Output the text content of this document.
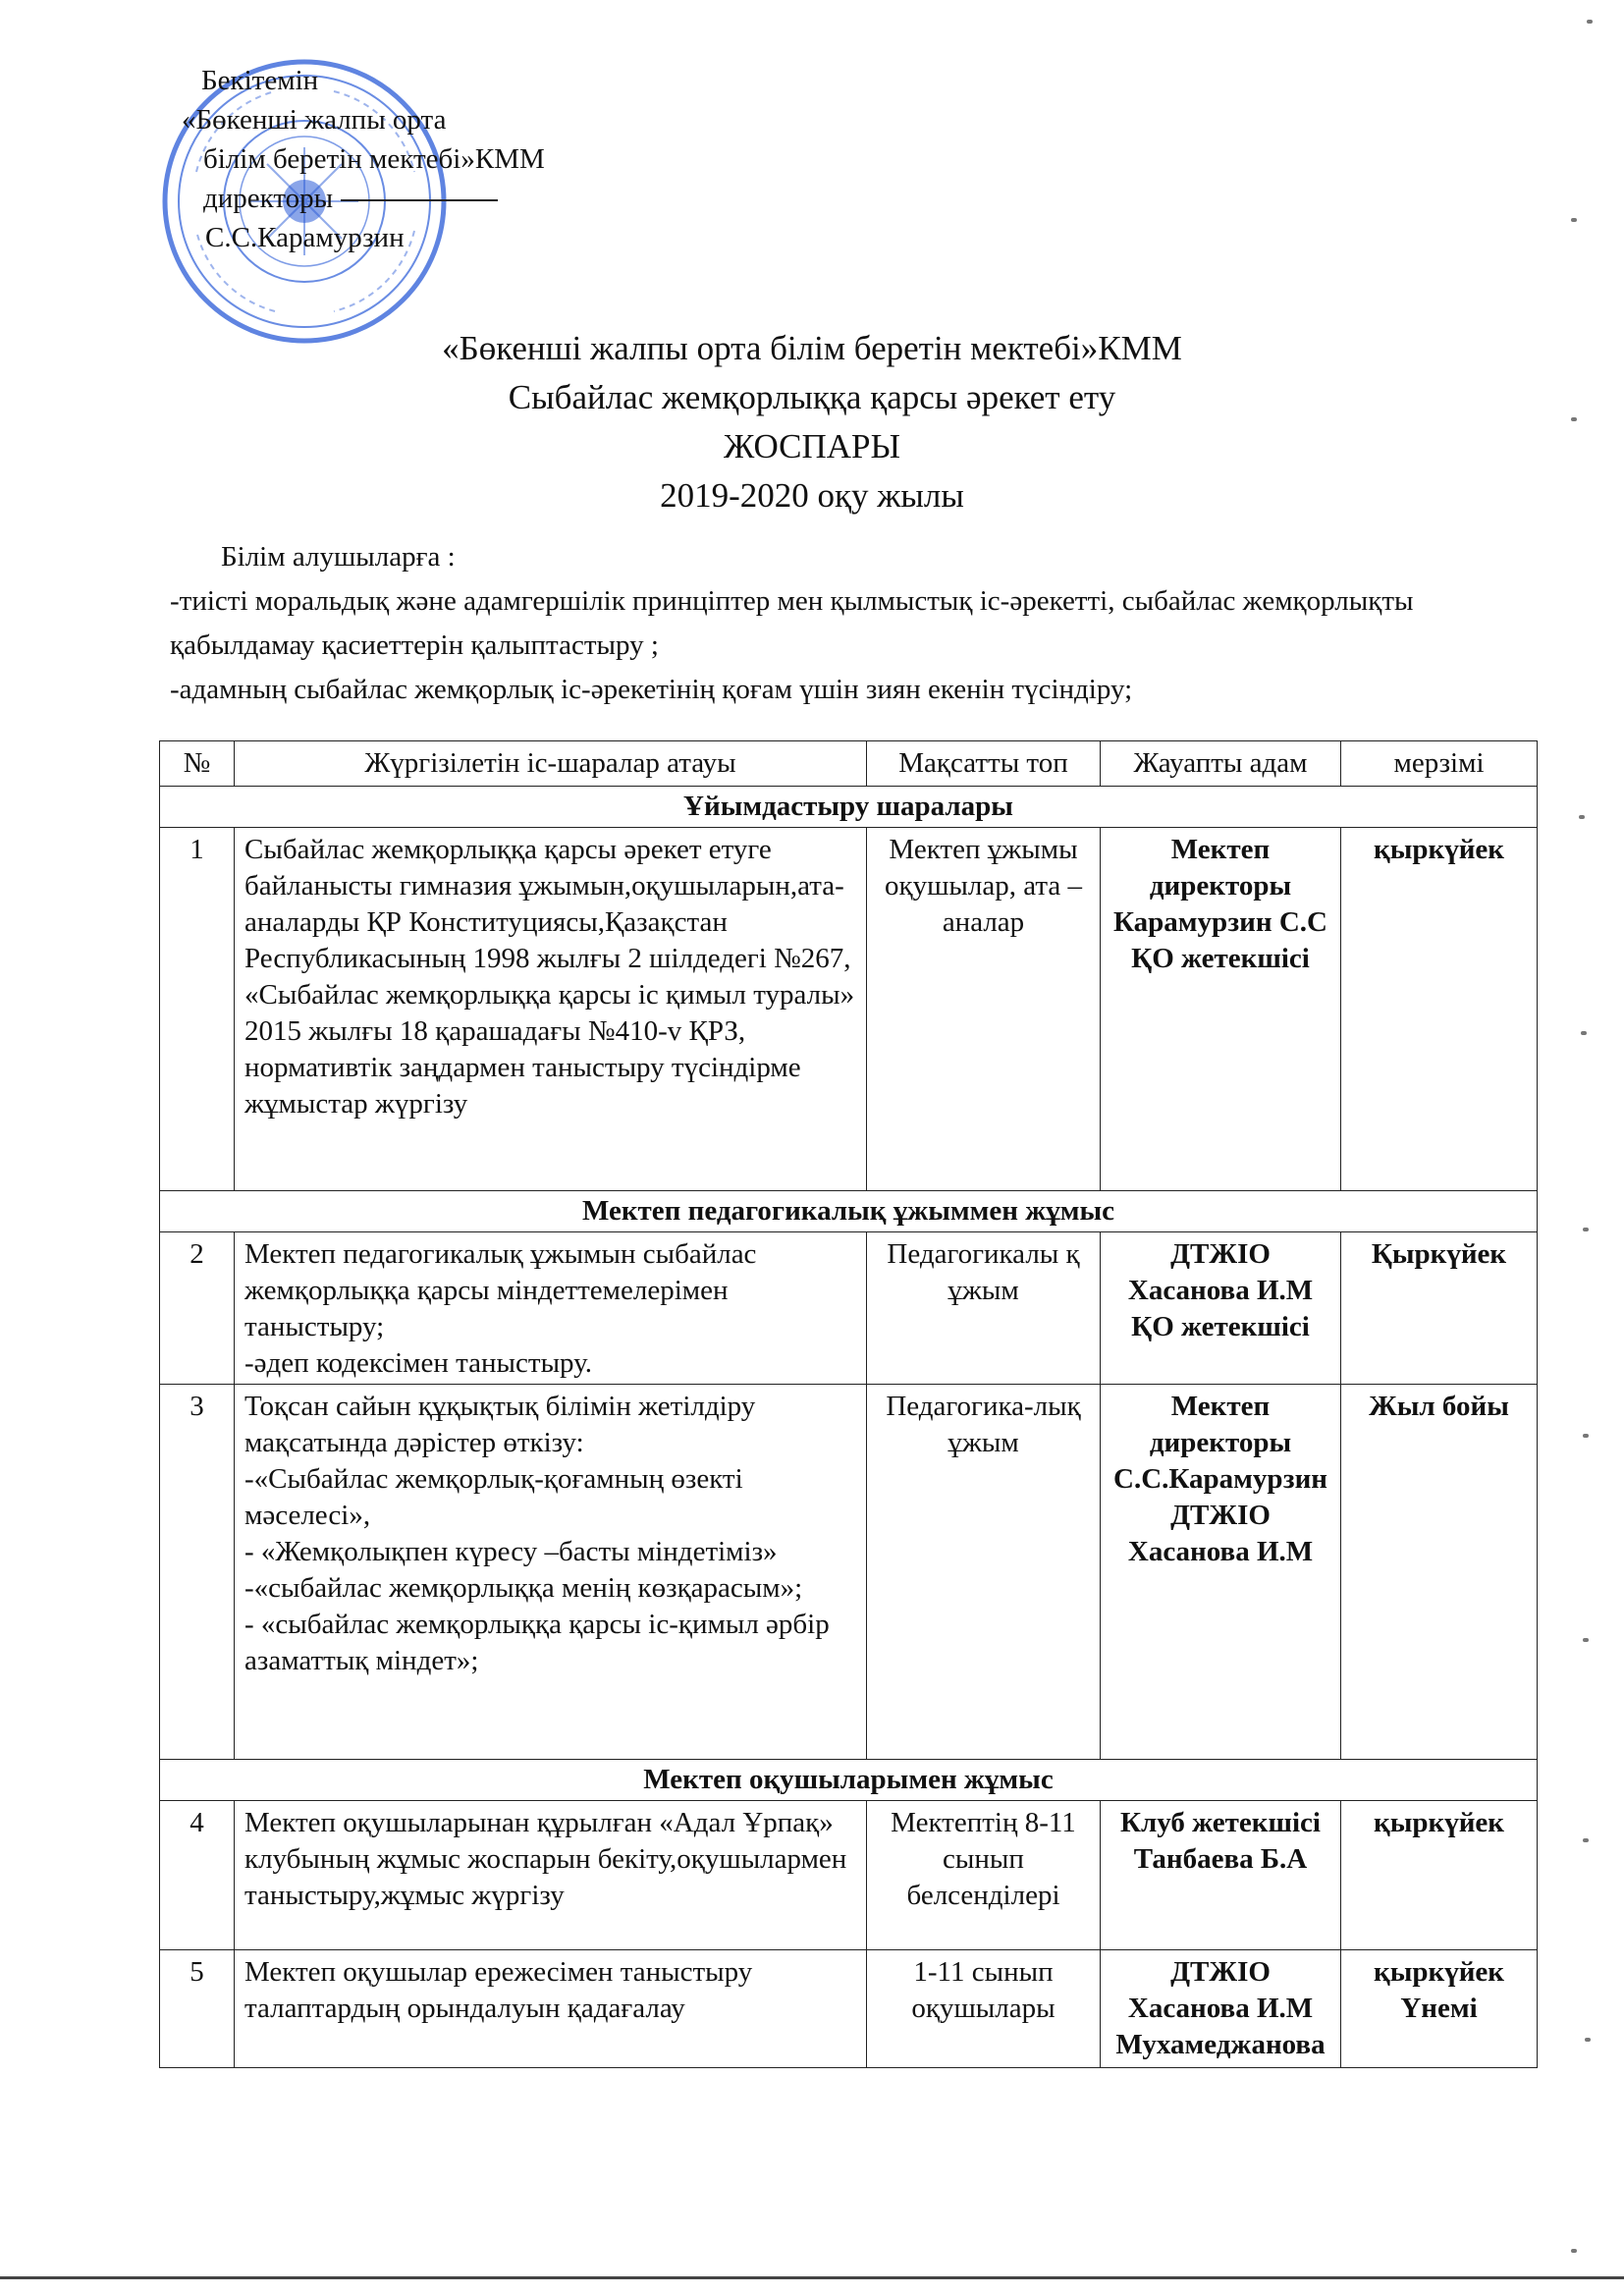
Бекітемін
«Бөкенші жалпы орта
білім беретін мектебі»КММ
директоры
С.С.Карамурзин
«Бөкенші жалпы орта білім беретін мектебі»КММ
Сыбайлас жемқорлыққа қарсы әрекет ету
ЖОСПАРЫ
2019-2020 оқу жылы
Білім алушыларға :
-тиісті моральдық және адамгершілік принціптер мен қылмыстық іс-әрекетті, сыбайлас жемқорлықты қабылдамау қасиеттерін қалыптастыру ;
-адамның сыбайлас жемқорлық іс-әрекетінің қоғам үшін зиян екенін түсіндіру;
№	Жүргізілетін іс-шаралар атауы	Мақсатты топ	Жауапты адам	мерзімі
Ұйымдастыру шаралары				
1	Сыбайлас жемқорлыққа қарсы әрекет етуге байланысты гимназия ұжымын,оқушыларын,ата-аналарды ҚР Конституциясы,Қазақстан Республикасының 1998 жылғы 2 шілдедегі №267, «Сыбайлас жемқорлыққа қарсы іс қимыл туралы» 2015 жылғы 18 қарашадағы №410-v ҚРЗ, нормативтік заңдармен таныстыру түсіндірме жұмыстар жүргізу	Мектеп ұжымы оқушылар, ата –аналар	Мектеп директоры Карамурзин С.С ҚО жетекшісі	қыркүйек
Мектеп педагогикалық ұжыммен жұмыс				
2	Мектеп педагогикалық ұжымын сыбайлас жемқорлыққа қарсы міндеттемелерімен таныстыру;
-әдеп кодексімен таныстыру.	Педагогикалы қ ұжым	ДТЖІО Хасанова И.М ҚО жетекшісі	Қыркүйек
3	Тоқсан сайын құқықтық білімін жетілдіру мақсатында дәрістер өткізу:
-«Сыбайлас жемқорлық-қоғамның өзекті мәселесі»,
- «Жемқолықпен күресу –басты міндетіміз»
-«сыбайлас жемқорлыққа менің көзқарасым»;
- «сыбайлас жемқорлыққа қарсы іс-қимыл әрбір азаматтық міндет»;	Педагогика-лық ұжым	Мектеп директоры С.С.Карамурзин ДТЖІО Хасанова И.М	Жыл бойы
Мектеп оқушыларымен жұмыс				
4	Мектеп оқушыларынан құрылған «Адал Ұрпақ» клубының жұмыс жоспарын бекіту,оқушылармен таныстыру,жұмыс жүргізу	Мектептің 8-11 сынып белсенділері	Клуб жетекшісі Танбаева Б.А	қыркүйек
5	Мектеп оқушылар ережесімен таныстыру талаптардың орындалуын қадағалау	1-11 сынып оқушылары	ДТЖІО Хасанова И.М Мухамеджанова	қыркүйек Үнемі
